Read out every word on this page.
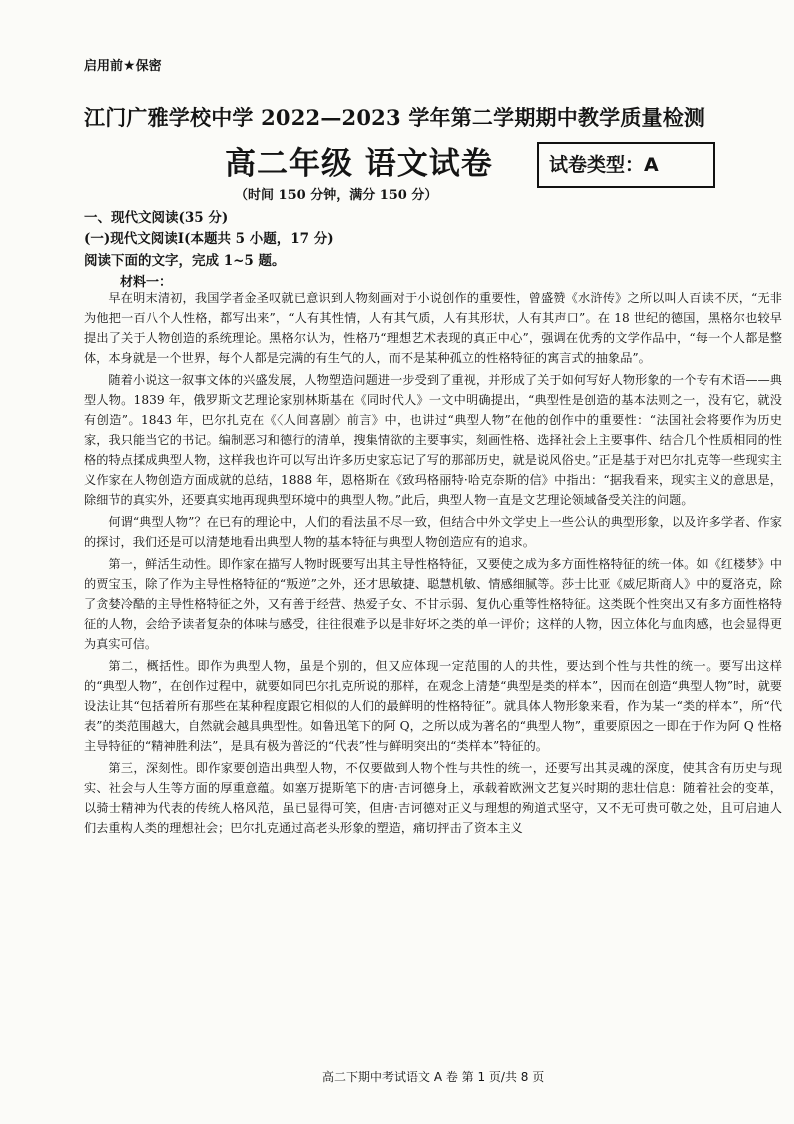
启用前★保密
江门广雅学校中学 2022—2023 学年第二学期期中教学质量检测
高二年级 语文试卷	试卷类型：A
（时间 150 分钟，满分 150 分）
一、现代文阅读(35 分)
(一)现代文阅读Ⅰ(本题共 5 小题，17 分)
阅读下面的文字，完成 1~5 题。
材料一：

早在明末清初，我国学者金圣叹就已意识到人物刻画对于小说创作的重要性，曾盛赞《水浒传》之所以叫人百读不厌，“无非为他把一百八个人性格，都写出来”，“人有其性情，人有其气质，人有其形状，人有其声口”。在 18 世纪的德国，黑格尔也较早提出了关于人物创造的系统理论。黑格尔认为，性格乃“理想艺术表现的真正中心”，强调在优秀的文学作品中，“每一个人都是整体，本身就是一个世界，每个人都是完满的有生气的人，而不是某种孤立的性格特征的寓言式的抽象品”。

随着小说这一叙事文体的兴盛发展，人物塑造问题进一步受到了重视，并形成了关于如何写好人物形象的一个专有术语——典型人物。1839 年，俄罗斯文艺理论家别林斯基在《同时代人》一文中明确提出，“典型性是创造的基本法则之一，没有它，就没有创造”。1843 年，巴尔扎克在《〈人间喜剧〉前言》中，也讲过“典型人物”在他的创作中的重要性：“法国社会将要作为历史家，我只能当它的书记。编制恶习和德行的清单，搜集情欲的主要事实，刻画性格、选择社会上主要事件、结合几个性质相同的性格的特点揉成典型人物，这样我也许可以写出许多历史家忘记了写的那部历史，就是说风俗史。”正是基于对巴尔扎克等一些现实主义作家在人物创造方面成就的总结，1888 年，恩格斯在《致玛格丽特·哈克奈斯的信》中指出：“据我看来，现实主义的意思是，除细节的真实外，还要真实地再现典型环境中的典型人物。”此后，典型人物一直是文艺理论领域备受关注的问题。

何谓“典型人物”？在已有的理论中，人们的看法虽不尽一致，但结合中外文学史上一些公认的典型形象，以及许多学者、作家的探讨，我们还是可以清楚地看出典型人物的基本特征与典型人物创造应有的追求。

第一，鲜活生动性。即作家在描写人物时既要写出其主导性格特征，又要使之成为多方面性格特征的统一体。如《红楼梦》中的贾宝玉，除了作为主导性格特征的“叛逆”之外，还才思敏捷、聪慧机敏、情感细腻等。莎士比亚《威尼斯商人》中的夏洛克，除了贪婪冷酷的主导性格特征之外，又有善于经营、热爱子女、不甘示弱、复仇心重等性格特征。这类既个性突出又有多方面性格特征的人物，会给予读者复杂的体味与感受，往往很难予以是非好坏之类的单一评价；这样的人物，因立体化与血肉感，也会显得更为真实可信。

第二，概括性。即作为典型人物，虽是个别的，但又应体现一定范围的人的共性，要达到个性与共性的统一。要写出这样的“典型人物”，在创作过程中，就要如同巴尔扎克所说的那样，在观念上清楚“典型是类的样本”，因而在创造“典型人物”时，就要设法让其“包括着所有那些在某种程度跟它相似的人们的最鲜明的性格特征”。就具体人物形象来看，作为某一“类的样本”，所“代表”的类范围越大，自然就会越具典型性。如鲁迅笔下的阿 Q，之所以成为著名的“典型人物”，重要原因之一即在于作为阿 Q 性格主导特征的“精神胜利法”，是具有极为普泛的“代表”性与鲜明突出的“类样本”特征的。

第三，深刻性。即作家要创造出典型人物，不仅要做到人物个性与共性的统一，还要写出其灵魂的深度，使其含有历史与现实、社会与人生等方面的厚重意蕴。如塞万提斯笔下的唐·吉诃德身上，承载着欧洲文艺复兴时期的悲壮信息：随着社会的变革，以骑士精神为代表的传统人格风范，虽已显得可笑，但唐·吉诃德对正义与理想的殉道式坚守，又不无可贵可敬之处，且可启迪人们去重构人类的理想社会；巴尔扎克通过高老头形象的塑造，痛切抨击了资本主义

高二下期中考试语文 A 卷 第 1 页/共 8 页
